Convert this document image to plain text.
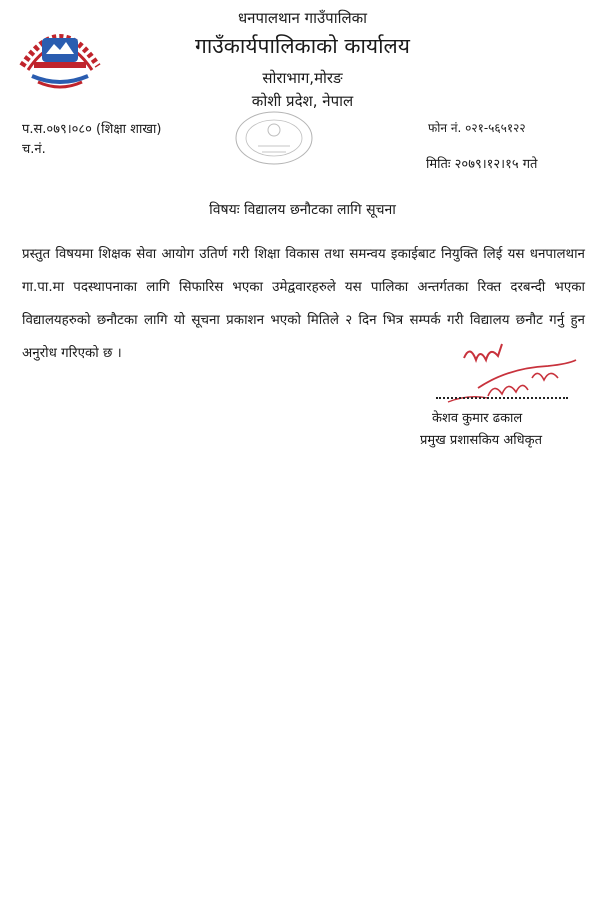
धनपालथान गाउँपालिका
गाउँकार्यपालिकाको कार्यालय
सोराभाग,मोरङ
कोशी प्रदेश, नेपाल
प.स.०७९।०८० (शिक्षा शाखा)
च.नं.
फोन नं. ०२१-५६५१२२
मितिः २०७९।१२।१५ गते
विषयः विद्यालय छनौटका लागि सूचना
प्रस्तुत विषयमा शिक्षक सेवा आयोग उतिर्ण गरी शिक्षा विकास तथा समन्वय इकाईबाट नियुक्ति लिई यस धनपालथान गा.पा.मा पदस्थापनाका लागि सिफारिस भएका उमेद्ववारहरुले यस पालिका अन्तर्गतका रिक्त दरबन्दी भएका विद्यालयहरुको छनौटका लागि यो सूचना प्रकाशन भएको मितिले २ दिन भित्र सम्पर्क गरी विद्यालय छनौट गर्नु हुन अनुरोध गरिएको छ ।
केशव कुमार ढकाल
प्रमुख प्रशासकिय अधिकृत
